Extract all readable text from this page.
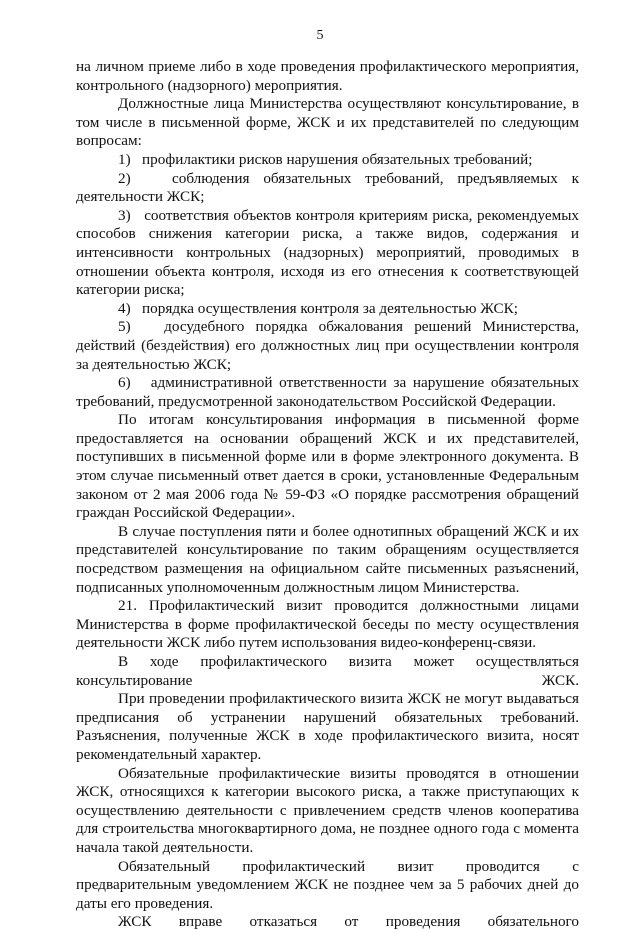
5

на личном приеме либо в ходе проведения профилактического мероприятия, контрольного (надзорного) мероприятия.

Должностные лица Министерства осуществляют консультирование, в том числе в письменной форме, ЖСК и их представителей по следующим вопросам:

1)   профилактики рисков нарушения обязательных требований;

2)   соблюдения обязательных требований, предъявляемых к деятельности ЖСК;

3)   соответствия объектов контроля критериям риска, рекомендуемых способов снижения категории риска, а также видов, содержания и интенсивности контрольных (надзорных) мероприятий, проводимых в отношении объекта контроля, исходя из его отнесения к соответствующей категории риска;

4)   порядка осуществления контроля за деятельностью ЖСК;

5)   досудебного порядка обжалования решений Министерства, действий (бездействия) его должностных лиц при осуществлении контроля за деятельностью ЖСК;

6)   административной ответственности за нарушение обязательных требований, предусмотренной законодательством Российской Федерации.

По итогам консультирования информация в письменной форме предоставляется на основании обращений ЖСК и их представителей, поступивших в письменной форме или в форме электронного документа. В этом случае письменный ответ дается в сроки, установленные Федеральным законом от 2 мая 2006 года № 59-ФЗ «О порядке рассмотрения обращений граждан Российской Федерации».

В случае поступления пяти и более однотипных обращений ЖСК и их представителей консультирование по таким обращениям осуществляется посредством размещения на официальном сайте письменных разъяснений, подписанных уполномоченным должностным лицом Министерства.

21. Профилактический визит проводится должностными лицами Министерства в форме профилактической беседы по месту осуществления деятельности ЖСК либо путем использования видео-конференц-связи.

В ходе профилактического визита может осуществляться консультирование ЖСК.

При проведении профилактического визита ЖСК не могут выдаваться предписания об устранении нарушений обязательных требований. Разъяснения, полученные ЖСК в ходе профилактического визита, носят рекомендательный характер.

Обязательные профилактические визиты проводятся в отношении ЖСК, относящихся к категории высокого риска, а также приступающих к осуществлению деятельности с привлечением средств членов кооператива для строительства многоквартирного дома, не позднее одного года с момента начала такой деятельности.

Обязательный профилактический визит проводится с предварительным уведомлением ЖСК не позднее чем за 5 рабочих дней до даты его проведения.

ЖСК вправе отказаться от проведения обязательного
